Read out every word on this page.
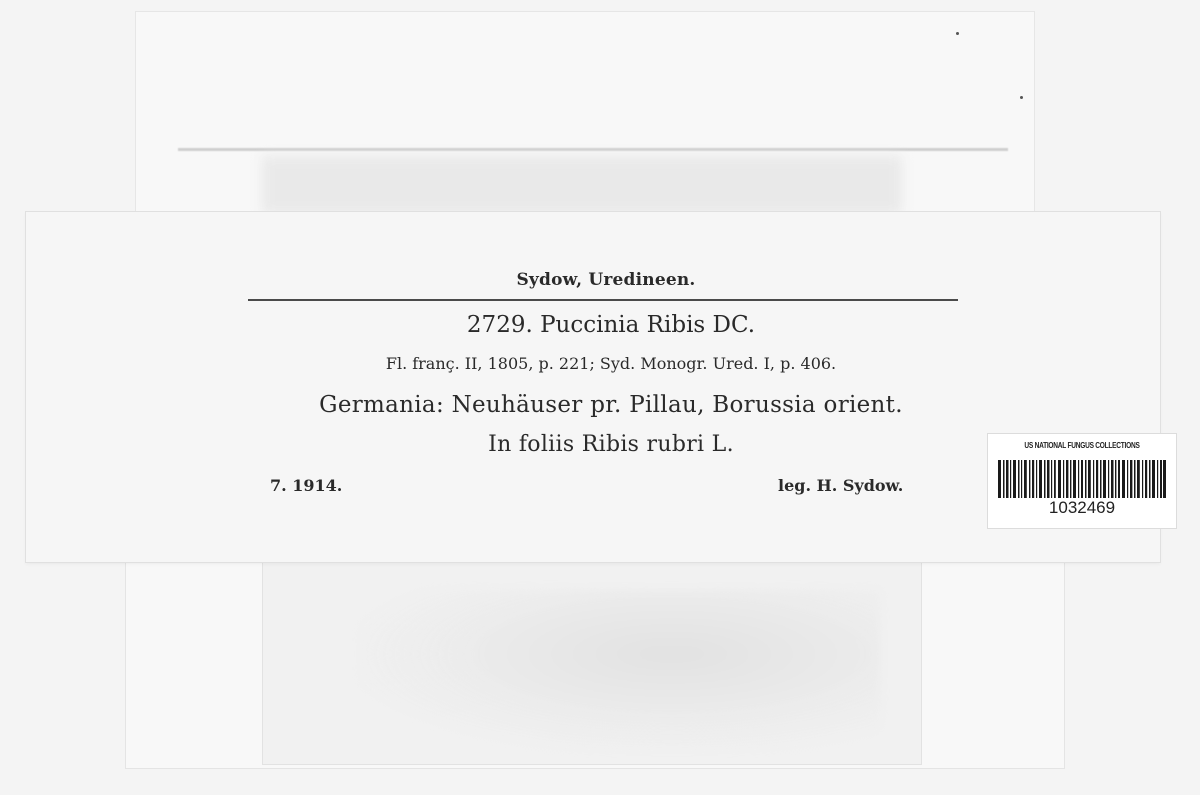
Sydow, Uredineen.
2729. Puccinia Ribis DC.
Fl. franç. II, 1805, p. 221; Syd. Monogr. Ured. I, p. 406.
Germania: Neuhäuser pr. Pillau, Borussia orient.
In foliis Ribis rubri L.
7. 1914.	leg. H. Sydow.
US NATIONAL FUNGUS COLLECTIONS
1032469
